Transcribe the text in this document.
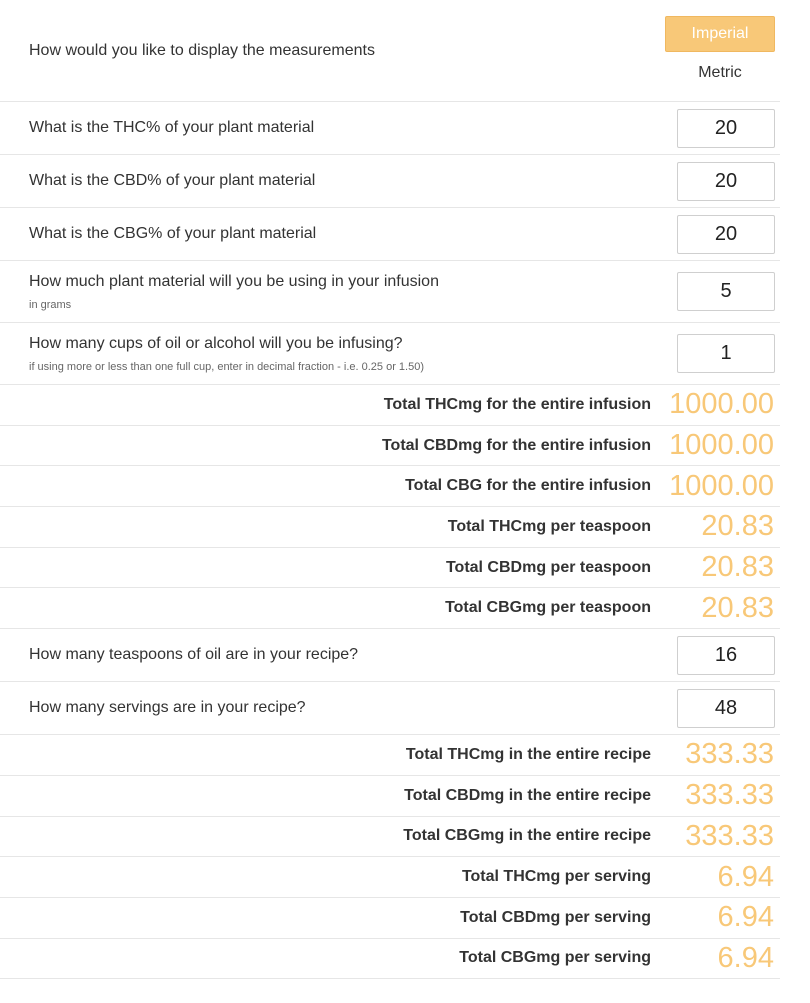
How would you like to display the measurements
Imperial
Metric
What is the THC% of your plant material
20
What is the CBD% of your plant material
20
What is the CBG% of your plant material
20
How much plant material will you be using in your infusion
in grams
5
How many cups of oil or alcohol will you be infusing?
if using more or less than one full cup, enter in decimal fraction - i.e. 0.25 or 1.50)
1
Total THCmg for the entire infusion 1000.00
Total CBDmg for the entire infusion 1000.00
Total CBG for the entire infusion 1000.00
Total THCmg per teaspoon	20.83
Total CBDmg per teaspoon	20.83
Total CBGmg per teaspoon	20.83
How many teaspoons of oil are in your recipe?
16
How many servings are in your recipe?
48
Total THCmg in the entire recipe	333.33
Total CBDmg in the entire recipe	333.33
Total CBGmg in the entire recipe	333.33
Total THCmg per serving	6.94
Total CBDmg per serving	6.94
Total CBGmg per serving	6.94
